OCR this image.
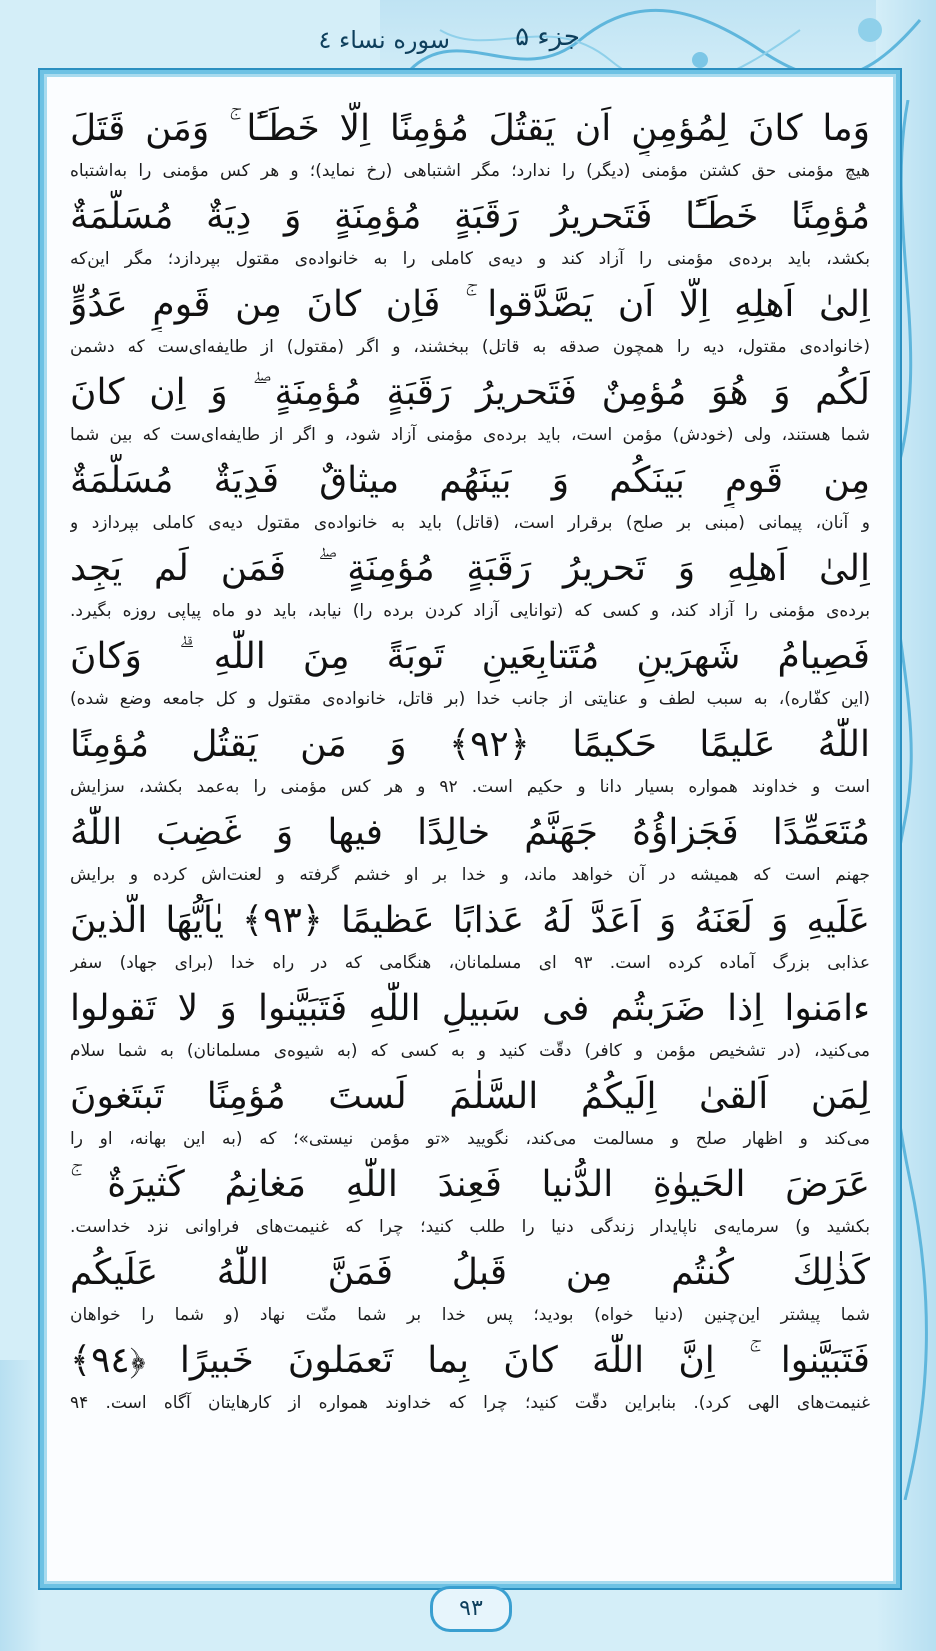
جزء ۵
سوره نساء ٤
وَما كانَ لِمُؤمِنٍ اَن يَقتُلَ مُؤمِنًا اِلّا خَطَـًٔا ۚ وَمَن قَتَلَ
هیچ مؤمنی حق کشتن مؤمنی (دیگر) را ندارد؛ مگر اشتباهی (رخ نماید)؛ و هر کس مؤمنی را به‌اشتباه
مُؤمِنًا خَطَـًٔا فَتَحريرُ رَقَبَةٍ مُؤمِنَةٍ وَ دِيَةٌ مُسَلَّمَةٌ
بکشد، باید برده‌ی مؤمنی را آزاد کند و دیه‌ی کاملی را به خانواده‌ی مقتول بپردازد؛ مگر این‌که
اِلىٰ اَهلِهِ اِلّا اَن يَصَّدَّقوا ۚ فَاِن كانَ مِن قَومٍ عَدُوٍّ
(خانواده‌ی مقتول، دیه را همچون صدقه به قاتل) ببخشند، و اگر (مقتول) از طایفه‌ای‌ست که دشمن
لَكُم وَ هُوَ مُؤمِنٌ فَتَحريرُ رَقَبَةٍ مُؤمِنَةٍ ۖ وَ اِن كانَ
شما هستند، ولی (خودش) مؤمن است، باید برده‌ی مؤمنی آزاد شود، و اگر از طایفه‌ای‌ست که بین شما
مِن قَومٍ بَينَكُم وَ بَينَهُم ميثاقٌ فَدِيَةٌ مُسَلَّمَةٌ
و آنان، پیمانی (مبنی بر صلح) برقرار است، (قاتل) باید به خانواده‌ی مقتول دیه‌ی کاملی بپردازد و
اِلىٰ اَهلِهِ وَ تَحريرُ رَقَبَةٍ مُؤمِنَةٍ ۖ فَمَن لَم يَجِد
برده‌ی مؤمنی را آزاد کند، و کسی که (توانایی آزاد کردن برده را) نیابد، باید دو ماه پیاپی روزه بگیرد.
فَصِيامُ شَهرَينِ مُتَتابِعَينِ تَوبَةً مِنَ اللّٰهِ ۗ وَكانَ
(این کفّاره)، به سبب لطف و عنایتی از جانب خدا (بر قاتل، خانواده‌ی مقتول و کل جامعه وضع شده)
اللّٰهُ عَليمًا حَكيمًا ﴿٩٢﴾ وَ مَن يَقتُل مُؤمِنًا
است و خداوند همواره بسیار دانا و حکیم است. ۹۲ و هر کس مؤمنی را به‌عمد بکشد، سزایش
مُتَعَمِّدًا فَجَزاؤُهُ جَهَنَّمُ خالِدًا فيها وَ غَضِبَ اللّٰهُ
جهنم است که همیشه در آن خواهد ماند، و خدا بر او خشم گرفته و لعنت‌اش کرده و برایش
عَلَيهِ وَ لَعَنَهُ وَ اَعَدَّ لَهُ عَذابًا عَظيمًا ﴿٩٣﴾ يٰاَيُّهَا الَّذينَ
عذابی بزرگ آماده کرده است. ۹۳ ای مسلمانان، هنگامی که در راه خدا (برای جهاد) سفر
ءامَنوا اِذا ضَرَبتُم فى سَبيلِ اللّٰهِ فَتَبَيَّنوا وَ لا تَقولوا
می‌کنید، (در تشخیص مؤمن و کافر) دقّت کنید و به کسی که (به شیوه‌ی مسلمانان) به شما سلام
لِمَن اَلقىٰ اِلَيكُمُ السَّلٰمَ لَستَ مُؤمِنًا تَبتَغونَ
می‌کند و اظهار صلح و مسالمت می‌کند، نگویید «تو مؤمن نیستی»؛ که (به این بهانه، او را
عَرَضَ الحَيوٰةِ الدُّنيا فَعِندَ اللّٰهِ مَغانِمُ كَثيرَةٌ ۚ
بکشید و) سرمایه‌ی ناپایدار زندگی دنیا را طلب کنید؛ چرا که غنیمت‌های فراوانی نزد خداست.
كَذٰلِكَ كُنتُم مِن قَبلُ فَمَنَّ اللّٰهُ عَلَيكُم
شما پیشتر این‌چنین (دنیا خواه) بودید؛ پس خدا بر شما منّت نهاد (و شما را خواهان
فَتَبَيَّنوا ۚ اِنَّ اللّٰهَ كانَ بِما تَعمَلونَ خَبيرًا ﴿٩٤﴾
غنیمت‌های الهی کرد). بنابراین دقّت کنید؛ چرا که خداوند همواره از کارهایتان آگاه است. ۹۴
۹۳
